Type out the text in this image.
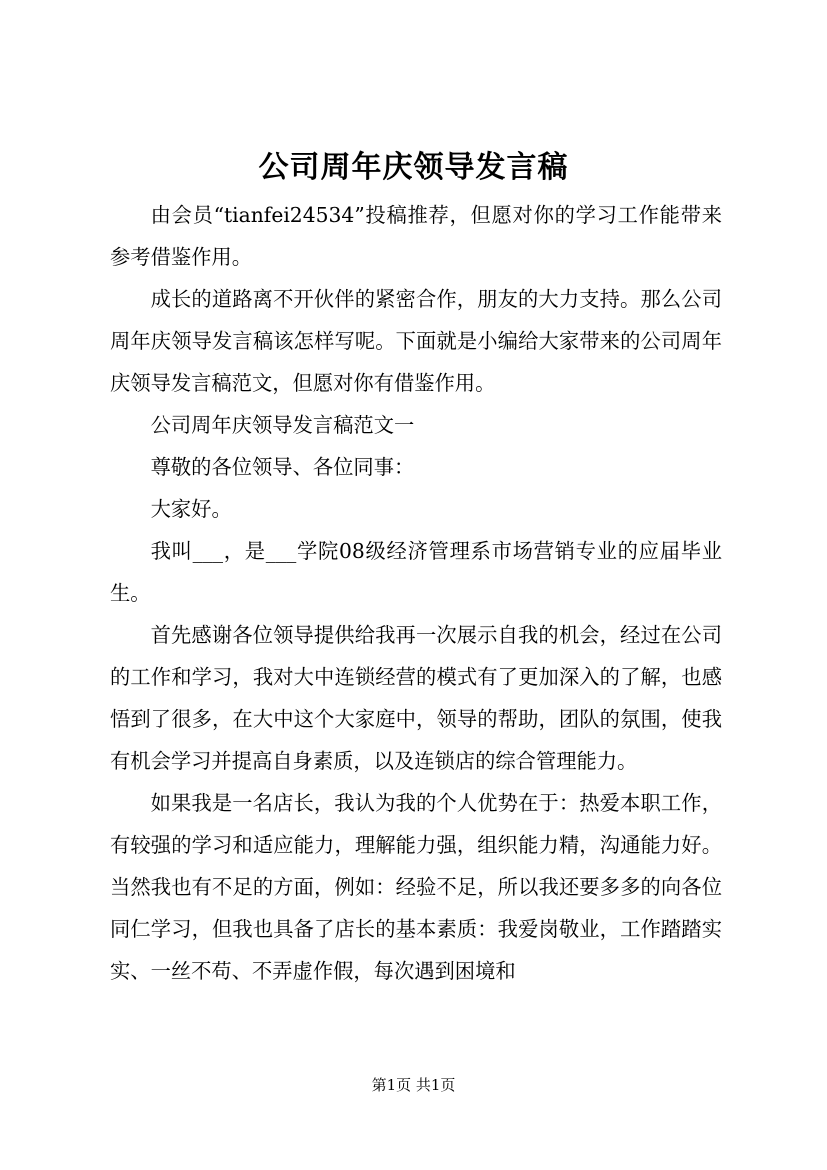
公司周年庆领导发言稿

由会员“tianfei24534”投稿推荐，但愿对你的学习工作能带来参考借鉴作用。

成长的道路离不开伙伴的紧密合作，朋友的大力支持。那么公司周年庆领导发言稿该怎样写呢。下面就是小编给大家带来的公司周年庆领导发言稿范文，但愿对你有借鉴作用。

公司周年庆领导发言稿范文一

尊敬的各位领导、各位同事：

大家好。

我叫___，是___学院08级经济管理系市场营销专业的应届毕业生。

首先感谢各位领导提供给我再一次展示自我的机会，经过在公司的工作和学习，我对大中连锁经营的模式有了更加深入的了解，也感悟到了很多，在大中这个大家庭中，领导的帮助，团队的氛围，使我有机会学习并提高自身素质，以及连锁店的综合管理能力。

如果我是一名店长，我认为我的个人优势在于：热爱本职工作，有较强的学习和适应能力，理解能力强，组织能力精，沟通能力好。当然我也有不足的方面，例如：经验不足，所以我还要多多的向各位同仁学习，但我也具备了店长的基本素质：我爱岗敬业，工作踏踏实实、一丝不苟、不弄虚作假，每次遇到困境和

第1页 共1页
